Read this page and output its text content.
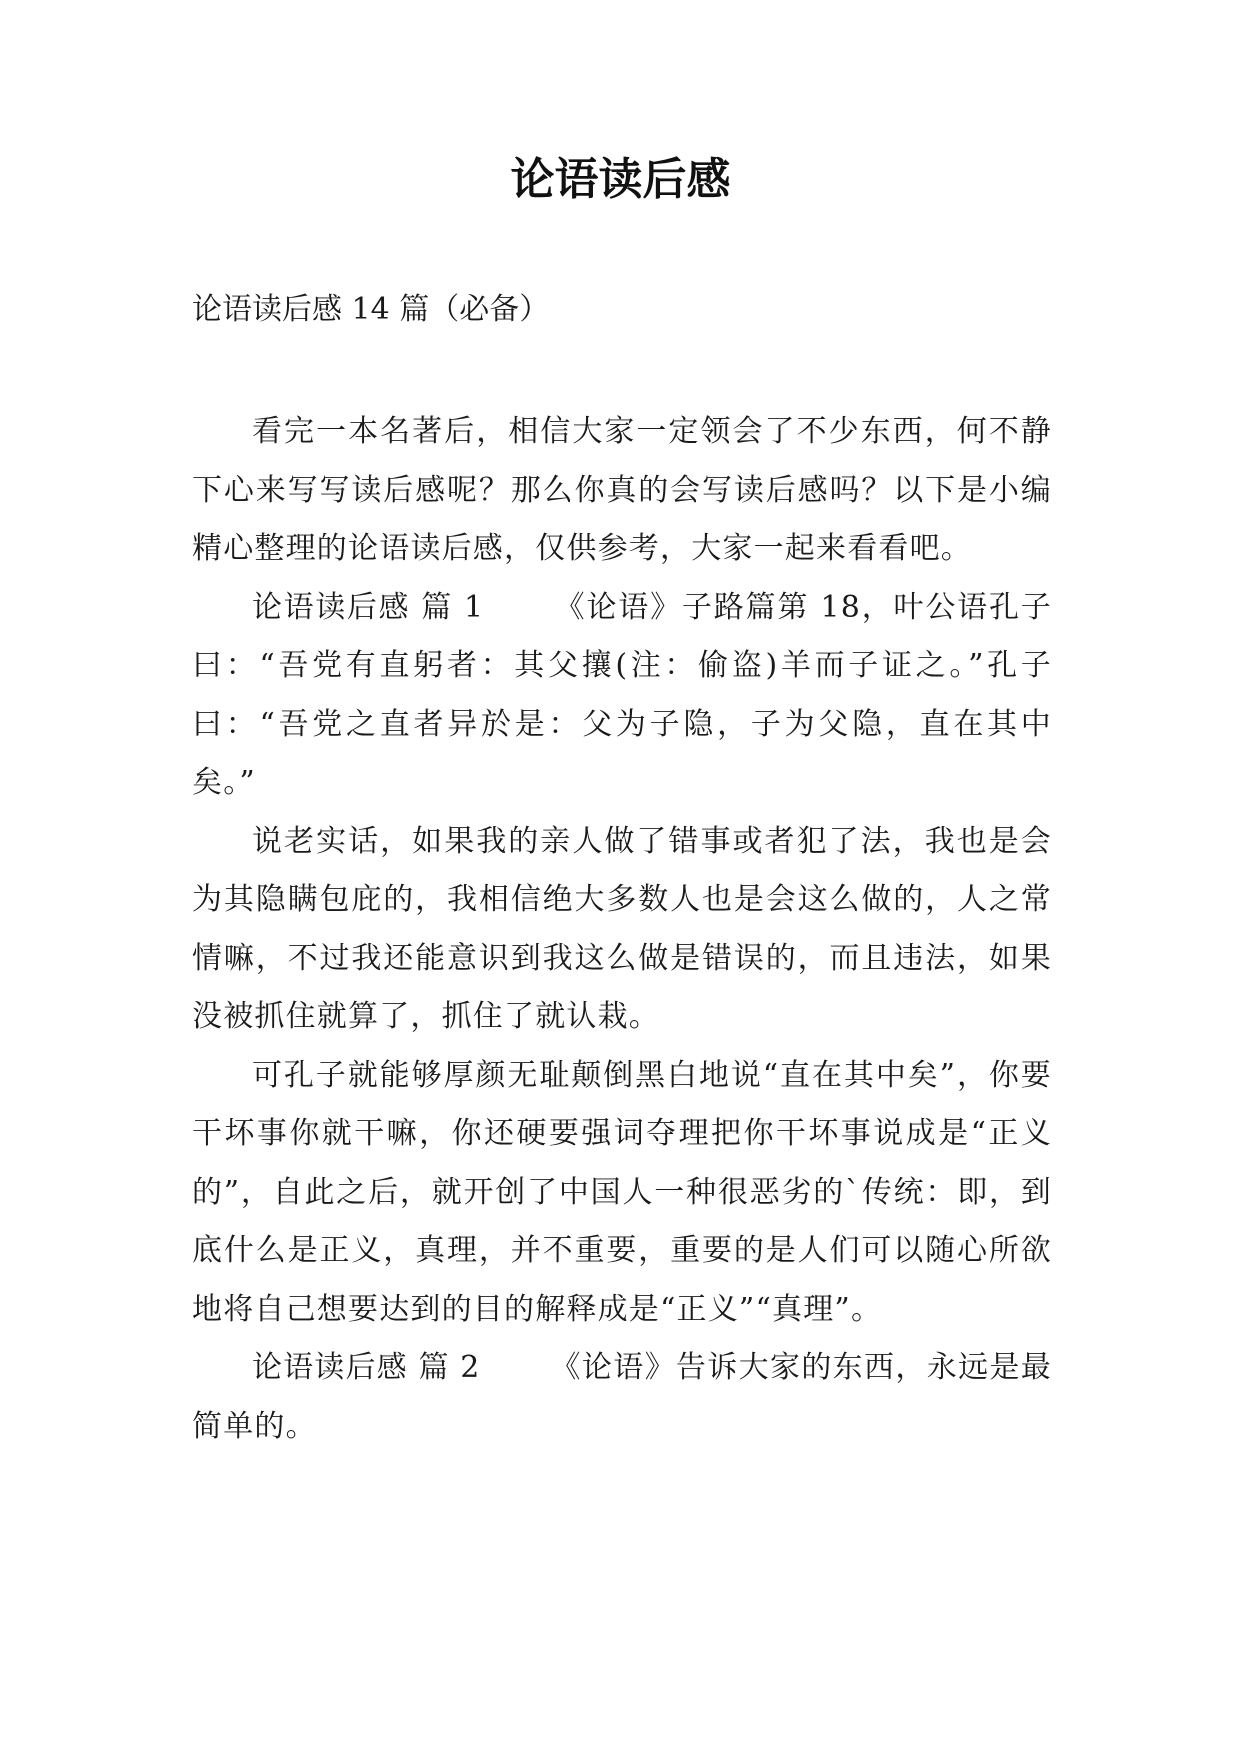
论语读后感

论语读后感 14 篇（必备）

看完一本名著后，相信大家一定领会了不少东西，何不静下心来写写读后感呢？那么你真的会写读后感吗？以下是小编精心整理的论语读后感，仅供参考，大家一起来看看吧。

论语读后感 篇 1 《论语》子路篇第 18，叶公语孔子曰：“吾党有直躬者：其父攘(注：偷盗)羊而子证之。”孔子曰：“吾党之直者异於是：父为子隐，子为父隐，直在其中矣。”

说老实话，如果我的亲人做了错事或者犯了法，我也是会为其隐瞒包庇的，我相信绝大多数人也是会这么做的，人之常情嘛，不过我还能意识到我这么做是错误的，而且违法，如果没被抓住就算了，抓住了就认栽。

可孔子就能够厚颜无耻颠倒黑白地说“直在其中矣”，你要干坏事你就干嘛，你还硬要强词夺理把你干坏事说成是“正义的”，自此之后，就开创了中国人一种很恶劣的`传统：即，到底什么是正义，真理，并不重要，重要的是人们可以随心所欲地将自己想要达到的目的解释成是“正义”“真理”。

论语读后感 篇 2 《论语》告诉大家的东西，永远是最简单的。
